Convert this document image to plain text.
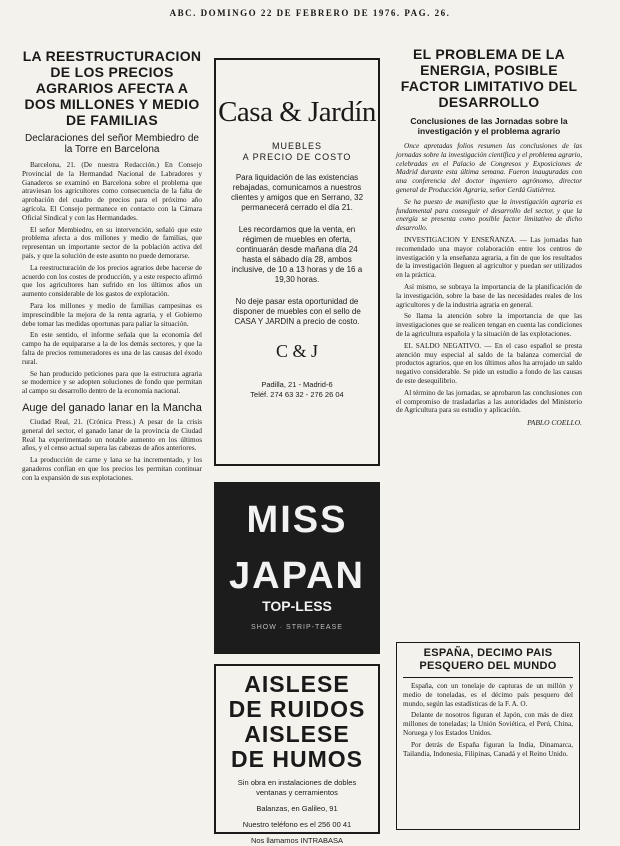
ABC. DOMINGO 22 DE FEBRERO DE 1976. PAG. 26.
LA REESTRUCTURACION DE LOS PRECIOS AGRARIOS AFECTA A DOS MILLONES Y MEDIO DE FAMILIAS
Declaraciones del señor Membiedro de la Torre en Barcelona

Barcelona, 21. (De nuestra Redacción.) En Consejo Provincial de la Hermandad Nacional de Labradores y Ganaderos se examinó en Barcelona sobre el problema que atraviesan los agricultores como consecuencia de la falta de aprobación del cuadro de precios para el próximo año agrícola. El Consejo permanece en contacto con la Cámara Oficial Sindical y con las Hermandades.

El señor Membiedro, en su intervención, señaló que este problema afecta a dos millones y medio de familias, que representan un importante sector de la población activa del país, y que la solución de este asunto no puede demorarse.

La reestructuración de los precios agrarios debe hacerse de acuerdo con los costes de producción, y a este respecto afirmó que los agricultores han sufrido en los últimos años un aumento considerable de los gastos de explotación.

Para los millones y medio de familias campesinas es imprescindible la mejora de la renta agraria, y el Gobierno debe tomar las medidas oportunas para paliar la situación.

En este sentido, el informe señala que la economía del campo ha de equipararse a la de los demás sectores, y que la falta de precios remuneradores es una de las causas del éxodo rural.

Se han producido peticiones para que la estructura agraria se modernice y se adopten soluciones de fondo que permitan al campo su desarrollo dentro de la economía nacional.

Auge del ganado lanar en la Mancha

Ciudad Real, 21. (Crónica Press.) A pesar de la crisis general del sector, el ganado lanar de la provincia de Ciudad Real ha experimentado un notable aumento en los últimos años, y el censo actual supera las cabezas de años anteriores.

La producción de carne y lana se ha incrementado, y los ganaderos confían en que los precios les permitan continuar con la expansión de sus explotaciones.

Casa & Jardín
MUEBLES
A PRECIO DE COSTO
Para liquidación de las existencias rebajadas, comunicamos a nuestros clientes y amigos que en Serrano, 32 permanecerá cerrado el día 21.
Les recordamos que la venta, en régimen de muebles en oferta, continuarán desde mañana día 24 hasta el sábado día 28, ambos inclusive, de 10 a 13 horas y de 16 a 19,30 horas.
No deje pasar esta oportunidad de disponer de muebles con el sello de CASA Y JARDIN a precio de costo.
C & J
Padilla, 21 - Madrid-6
Teléf. 274 63 32 - 276 26 04
MISS
JAPAN
TOP-LESS
SHOW · STRIP-TEASE
AISLESE
DE RUIDOS
AISLESE
DE HUMOS
Sin obra en instalaciones de dobles ventanas y cerramientos
Balanzas, en Galileo, 91
Nuestro teléfono es el 256 00 41
Nos llamamos INTRABASA
EL PROBLEMA DE LA ENERGIA, POSIBLE FACTOR LIMITATIVO DEL DESARROLLO
Conclusiones de las Jornadas sobre la investigación y el problema agrario

Once apretadas folios resumen las conclusiones de las jornadas sobre la investigación científica y el problema agrario, celebradas en el Palacio de Congresos y Exposiciones de Madrid durante esta última semana. Fueron inauguradas con una conferencia del doctor ingeniero agrónomo, director general de Producción Agraria, señor Cerdá Gutiérrez.

Se ha puesto de manifiesto que la investigación agraria es fundamental para conseguir el desarrollo del sector, y que la energía se presenta como posible factor limitativo de dicho desarrollo.

INVESTIGACION Y ENSEÑANZA. — Las jornadas han recomendado una mayor colaboración entre los centros de investigación y la enseñanza agraria, a fin de que los resultados de la investigación lleguen al agricultor y puedan ser utilizados en la práctica.

Así mismo, se subraya la importancia de la planificación de la investigación, sobre la base de las necesidades reales de los agricultores y de la industria agraria en general.

Se llama la atención sobre la importancia de que las investigaciones que se realicen tengan en cuenta las condiciones de la agricultura española y la situación de las explotaciones.

EL SALDO NEGATIVO. — En el caso español se presta atención muy especial al saldo de la balanza comercial de productos agrarios, que en los últimos años ha arrojado un saldo negativo considerable. Se pide un estudio a fondo de las causas de este desequilibrio.

Al término de las jornadas, se aprobaron las conclusiones con el compromiso de trasladarlas a las autoridades del Ministerio de Agricultura para su estudio y aplicación.

PABLO COELLO.
ESPAÑA, DECIMO PAIS PESQUERO DEL MUNDO

España, con un tonelaje de capturas de un millón y medio de toneladas, es el décimo país pesquero del mundo, según las estadísticas de la F. A. O.

Delante de nosotros figuran el Japón, con más de diez millones de toneladas; la Unión Soviética, el Perú, China, Noruega y los Estados Unidos.

Por detrás de España figuran la India, Dinamarca, Tailandia, Indonesia, Filipinas, Canadá y el Reino Unido.
